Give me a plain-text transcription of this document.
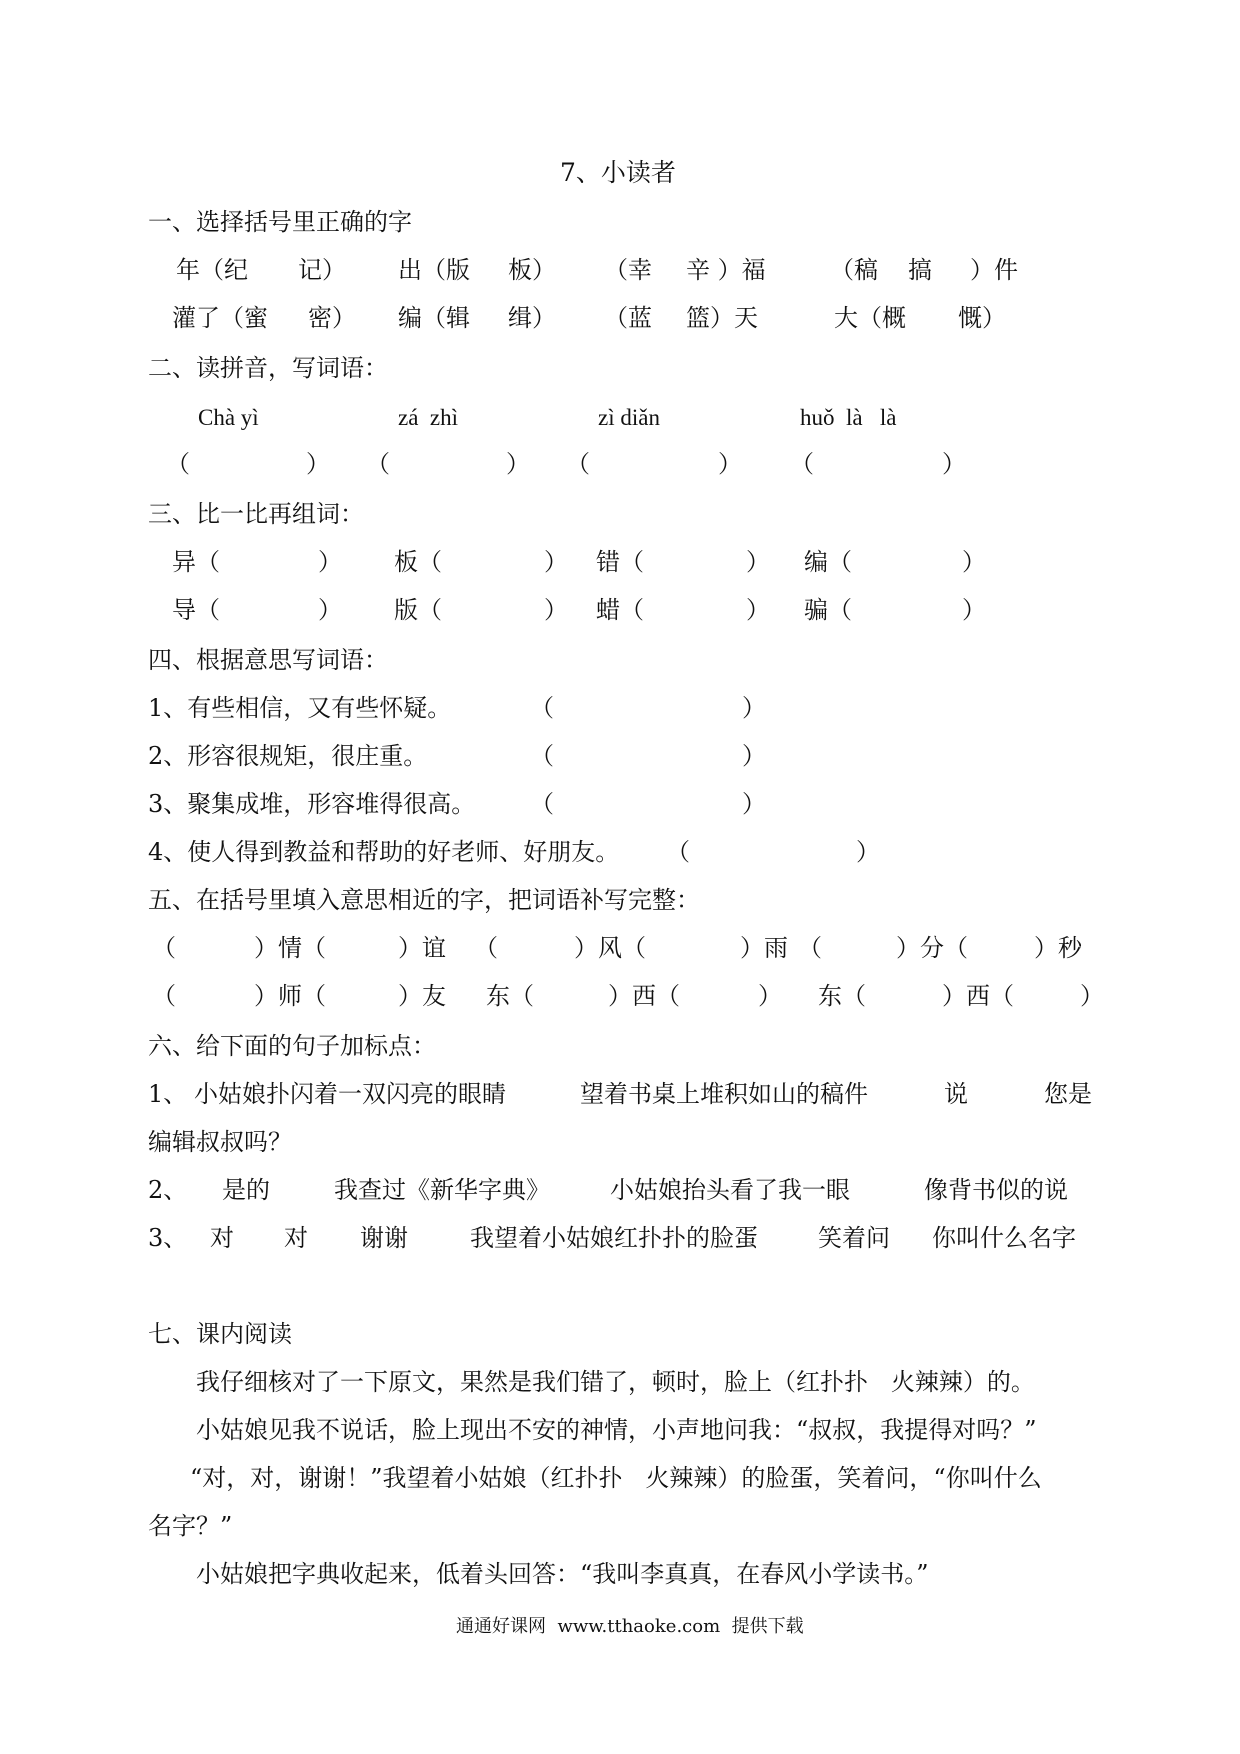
7、小读者
一、选择括号里正确的字
年（纪 记） 出（版 板） （幸 辛 ）福	（稿 搞 ）件
灌了（蜜 密） 编（辑 缉） （蓝 篮）天	大（概 慨）
二、读拼音，写词语：
Chà yì	zá  zhì	zì diǎn	huǒ  là   là
（	） （	） （	） （	）
三、比一比再组词：
异（	） 板（	） 错（	） 编（	）
导（	） 版（	） 蜡（	） 骗（	）
四、根据意思写词语：
1、有些相信，又有些怀疑。	（	）
2、形容很规矩，很庄重。	（	）
3、聚集成堆，形容堆得很高。 （	）
4、使人得到教益和帮助的好老师、好朋友。 （	）
五、在括号里填入意思相近的字，把词语补写完整：
（	）情（	）谊 （	）风（	）雨 （	）分（	）秒
（	）师（	）友 东（	）西（	） 东（	）西（	）
六、给下面的句子加标点：
1、 小姑娘扑闪着一双闪亮的眼睛	望着书桌上堆积如山的稿件	说	您是
编辑叔叔吗？
2、 是的	我查过《新华字典》	小姑娘抬头看了我一眼	像背书似的说
3、 对 对 谢谢	我望着小姑娘红扑扑的脸蛋	笑着问 你叫什么名字
七、课内阅读
我仔细核对了一下原文，果然是我们错了，顿时，脸上（红扑扑   火辣辣）的。
小姑娘见我不说话，脸上现出不安的神情，小声地问我：“叔叔，我提得对吗？”
“对，对，谢谢！”我望着小姑娘（红扑扑   火辣辣）的脸蛋，笑着问，“你叫什么
名字？”
小姑娘把字典收起来，低着头回答：“我叫李真真，在春风小学读书。”
通通好课网  www.tthaoke.com  提供下载
